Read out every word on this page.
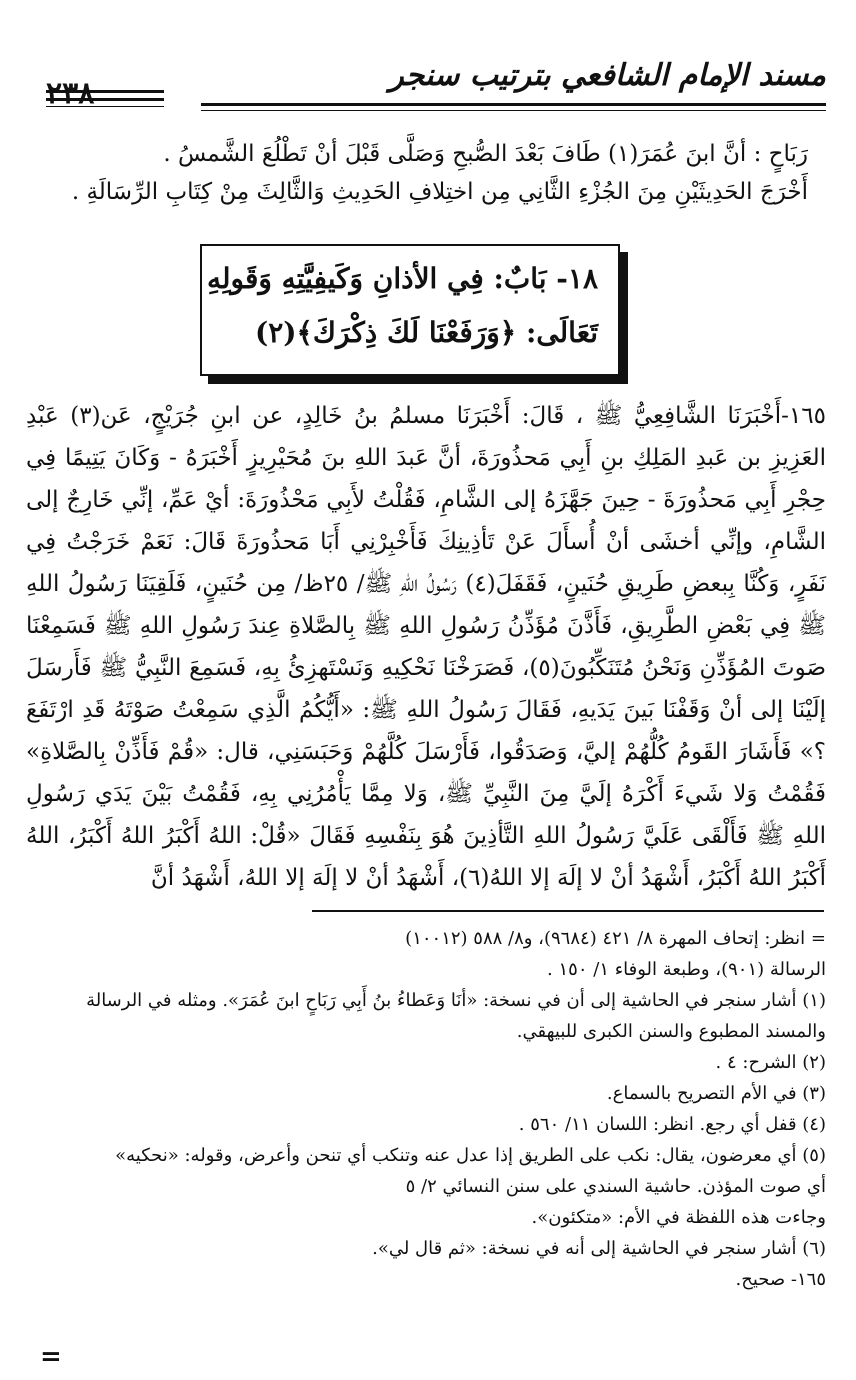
مسند الإمام الشافعي بترتيب سنجر
٢٣٨

رَبَاحٍ : أنَّ ابنَ عُمَرَ(١) طَافَ بَعْدَ الصُّبحِ وَصَلَّى قَبْلَ أنْ تَطْلُعَ الشَّمسُ .

أَخْرَجَ الحَدِيثَيْنِ مِنَ الجُزْءِ الثَّانِي مِن اختِلافِ الحَدِيثِ وَالثَّالِثَ مِنْ كِتَابِ الرِّسَالَةِ .

١٨- بَابٌ: فِي الأذانِ وَكَيفِيَّتِهِ وَقَولِهِ
تَعَالَى: ﴿وَرَفَعْنَا لَكَ ذِكْرَكَ﴾(٢)

١٦٥-أَخْبَرَنَا الشَّافِعِيُّ ﷺ ، قَالَ: أَخْبَرَنَا مسلمُ بنُ خَالِدٍ، عن ابنِ جُرَيْجٍ، عَن(٣) عَبْدِ العَزِيزِ بن عَبدِ المَلِكِ بنِ أَبِي مَحذُورَةَ، أنَّ عَبدَ اللهِ بنَ مُحَيْرِيزٍ أَخْبَرَهُ - وَكَانَ يَتِيمًا فِي حِجْرِ أَبِي مَحذُورَةَ - حِينَ جَهَّزَهُ إلى الشَّامِ، فَقُلْتُ لأَبِي مَحْذُورَةَ: أيْ عَمِّ، إنِّي خَارِجٌ إلى الشَّامِ، وإنِّي أخشَى أنْ أُسأَلَ عَنْ تَأذِينِكَ فَأَخْبِرْنِي أَبَا مَحذُورَةَ قَالَ: نَعَمْ خَرَجْتُ فِي نَفَرٍ، وَكُنَّا بِبعضِ طَرِيقِ حُنَينٍ، فَقَفَلَ(٤) رَسُولُ اللهِ ﷺ/ ٢٥ظ/ مِن حُنَينٍ، فَلَقِيَنَا رَسُولُ اللهِ ﷺ فِي بَعْضِ الطَّرِيقِ، فَأَذَّنَ مُؤَذِّنُ رَسُولِ اللهِ ﷺ بِالصَّلاةِ عِندَ رَسُولِ اللهِ ﷺ فَسَمِعْنَا صَوتَ المُؤَذِّنِ وَنَحْنُ مُتَنَكِّبُونَ(٥)، فَصَرَخْنَا نَحْكِيهِ وَنَسْتَهزِئُ بِهِ، فَسَمِعَ النَّبِيُّ ﷺ فَأَرسَلَ إلَيْنَا إلى أنْ وَقَفْنَا بَينَ يَدَيهِ، فَقَالَ رَسُولُ اللهِ ﷺ: «أَيُّكُمُ الَّذِي سَمِعْتُ صَوْتَهُ قَدِ ارْتَفَعَ ؟» فَأَشَارَ القَومُ كُلُّهُمْ إليَّ، وَصَدَقُوا، فَأَرْسَلَ كُلَّهُمْ وَحَبَسَنِي، قال: «قُمْ فَأَذِّنْ بِالصَّلاةِ» فَقُمْتُ وَلا شَيءَ أَكْرَهُ إلَيَّ مِنَ النَّبِيِّ ﷺ، وَلا مِمَّا يَأْمُرُنِي بِهِ، فَقُمْتُ بَيْنَ يَدَي رَسُولِ اللهِ ﷺ فَأَلْقَى عَلَيَّ رَسُولُ اللهِ التَّأذِينَ هُوَ بِنَفْسِهِ فَقَالَ «قُلْ: اللهُ أَكْبَرُ اللهُ أَكْبَرُ، اللهُ أَكْبَرُ اللهُ أَكْبَرُ، أَشْهَدُ أنْ لا إلَهَ إلا اللهُ(٦)، أَشْهَدُ أنْ لا إلَهَ إلا اللهُ، أَشْهَدُ أنَّ

= انظر: إتحاف المهرة ٨/ ٤٢١ (٩٦٨٤)، و٨/ ٥٨٨ (١٠٠١٢)
الرسالة (٩٠١)، وطبعة الوفاء ١/ ١٥٠ .
(١) أشار سنجر في الحاشية إلى أن في نسخة: «أنَا وَعَطاءُ بنُ أَبِي رَبَاحٍ ابنَ عُمَرَ». ومثله في الرسالة
والمسند المطبوع والسنن الكبرى للبيهقي.
(٢) الشرح: ٤ .
(٣) في الأم التصريح بالسماع.
(٤) قفل أي رجع. انظر: اللسان ١١/ ٥٦٠ .
(٥) أي معرضون، يقال: نكب على الطريق إذا عدل عنه وتنكب أي تنحن وأعرض، وقوله: «نحكيه»
أي صوت المؤذن. حاشية السندي على سنن النسائي ٢/ ٥
وجاءت هذه اللفظة في الأم: «متكئون».
(٦) أشار سنجر في الحاشية إلى أنه في نسخة: «ثم قال لي».
١٦٥- صحيح.
=
